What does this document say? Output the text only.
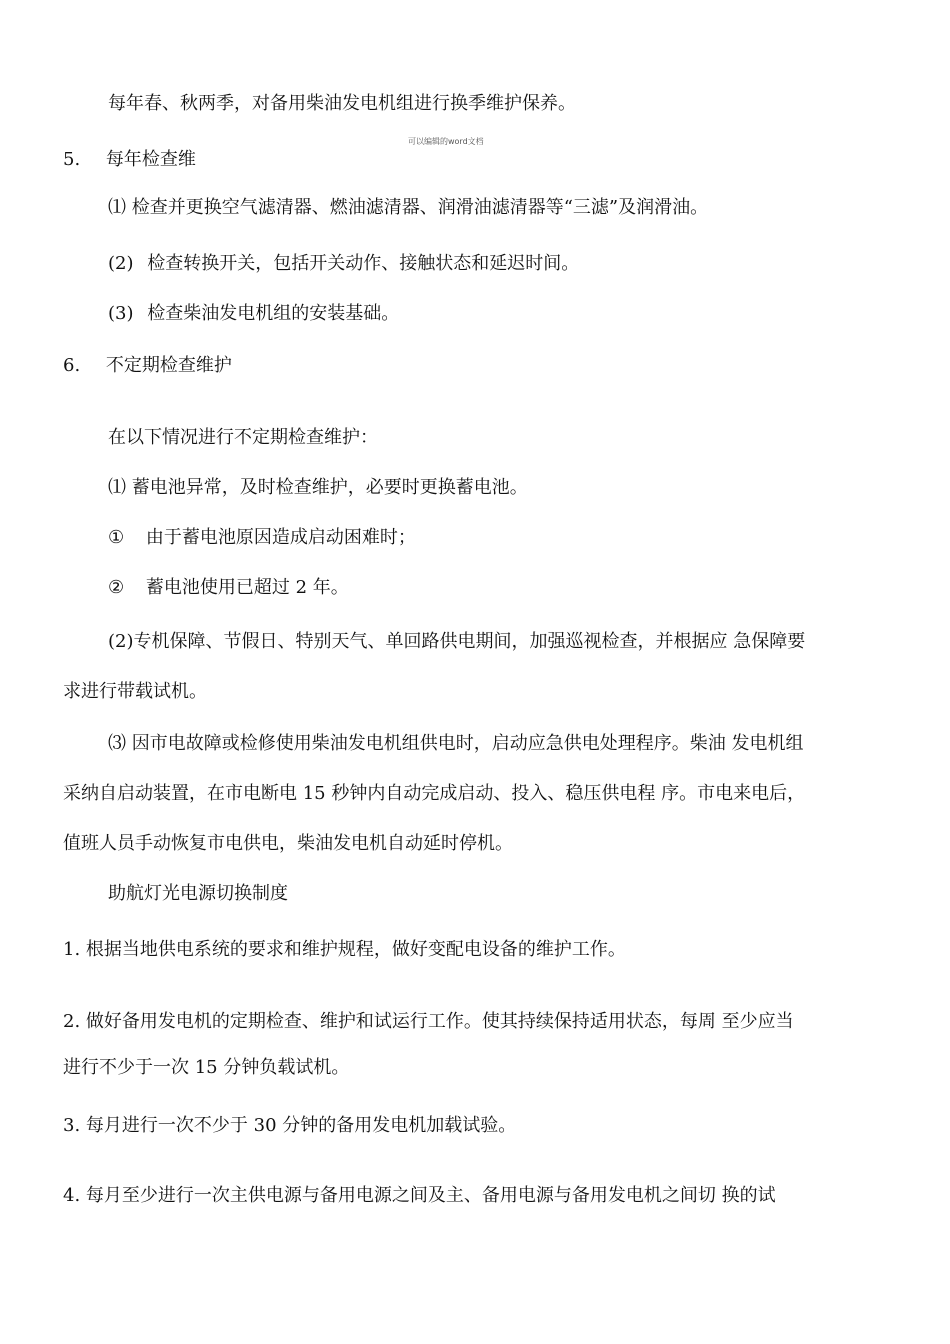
每年春、秋两季，对备用柴油发电机组进行换季维护保养。
可以编辑的word文档
5. 每年检查维
⑴ 检查并更换空气滤清器、燃油滤清器、润滑油滤清器等“三滤”及润滑油。
(2) 检查转换开关，包括开关动作、接触状态和延迟时间。
(3) 检查柴油发电机组的安装基础。
6. 不定期检查维护
在以下情况进行不定期检查维护：
⑴ 蓄电池异常，及时检查维护，必要时更换蓄电池。
① 由于蓄电池原因造成启动困难时；
② 蓄电池使用已超过 2 年。
(2)专机保障、节假日、特别天气、单回路供电期间，加强巡视检查，并根据应 急保障要
求进行带载试机。
⑶ 因市电故障或检修使用柴油发电机组供电时，启动应急供电处理程序。柴油 发电机组
采纳自启动装置，在市电断电 15 秒钟内自动完成启动、投入、稳压供电程 序。市电来电后，
值班人员手动恢复市电供电，柴油发电机自动延时停机。
助航灯光电源切换制度
1. 根据当地供电系统的要求和维护规程，做好变配电设备的维护工作。
2. 做好备用发电机的定期检查、维护和试运行工作。使其持续保持适用状态，每周 至少应当
进行不少于一次 15 分钟负载试机。
3. 每月进行一次不少于 30 分钟的备用发电机加载试验。
4. 每月至少进行一次主供电源与备用电源之间及主、备用电源与备用发电机之间切 换的试
